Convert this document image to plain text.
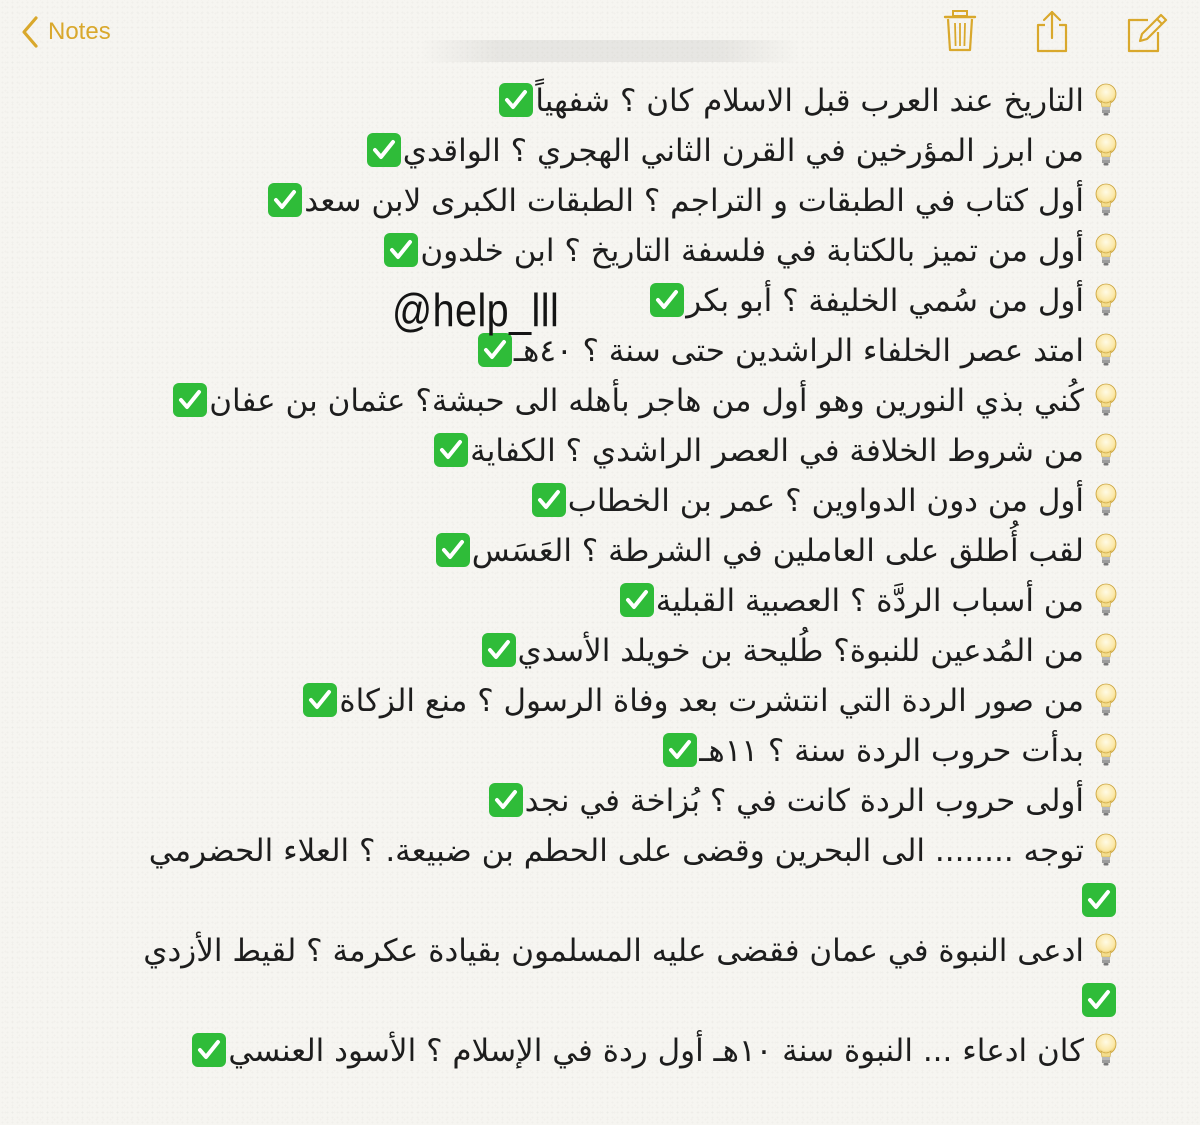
Notes
التاريخ عند العرب قبل الاسلام كان ؟ شفهياً
من ابرز المؤرخين في القرن الثاني الهجري ؟ الواقدي
أول كتاب في الطبقات و التراجم ؟ الطبقات الكبرى لابن سعد
أول من تميز بالكتابة في فلسفة التاريخ ؟ ابن خلدون
أول من سُمي الخليفة ؟ أبو بكر
امتد عصر الخلفاء الراشدين حتى سنة ؟ ٤٠هـ
كُني بذي النورين وهو أول من هاجر بأهله الى حبشة؟ عثمان بن عفان
من شروط الخلافة في العصر الراشدي ؟ الكفاية
أول من دون الدواوين ؟ عمر بن الخطاب
لقب أُطلق على العاملين في الشرطة ؟ العَسَس
من أسباب الردَّة ؟ العصبية القبلية
من المُدعين للنبوة؟ طُليحة بن خويلد الأسدي
من صور الردة التي انتشرت بعد وفاة الرسول ؟ منع الزكاة
بدأت حروب الردة سنة ؟ ١١هـ
أولى حروب الردة كانت في ؟ بُزاخة في نجد
توجه ........ الى البحرين وقضى على الحطم بن ضبيعة. ؟ العلاء الحضرمي
ادعى النبوة في عمان فقضى عليه المسلمون بقيادة عكرمة ؟ لقيط الأزدي
كان ادعاء ... النبوة سنة ١٠هـ أول ردة في الإسلام ؟ الأسود العنسي
@help_lll
